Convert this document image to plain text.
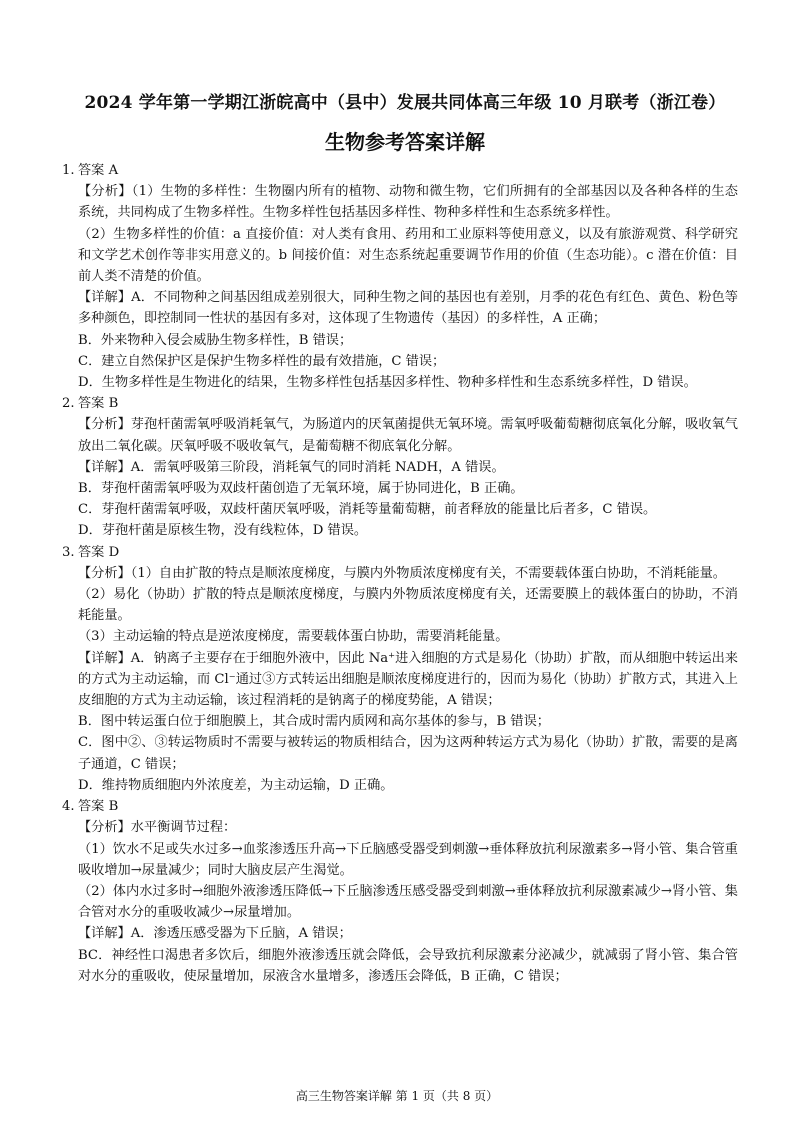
2024 学年第一学期江浙皖高中（县中）发展共同体高三年级 10 月联考（浙江卷）
生物参考答案详解
1. 答案 A

【分析】（1）生物的多样性：生物圈内所有的植物、动物和微生物，它们所拥有的全部基因以及各种各样的生态系统，共同构成了生物多样性。生物多样性包括基因多样性、物种多样性和生态系统多样性。

（2）生物多样性的价值：a 直接价值：对人类有食用、药用和工业原料等使用意义，以及有旅游观赏、科学研究和文学艺术创作等非实用意义的。b 间接价值：对生态系统起重要调节作用的价值（生态功能）。c 潜在价值：目前人类不清楚的价值。

【详解】A．不同物种之间基因组成差别很大，同种生物之间的基因也有差别，月季的花色有红色、黄色、粉色等多种颜色，即控制同一性状的基因有多对，这体现了生物遗传（基因）的多样性，A 正确；

B．外来物种入侵会威胁生物多样性，B 错误；

C．建立自然保护区是保护生物多样性的最有效措施，C 错误；

D．生物多样性是生物进化的结果，生物多样性包括基因多样性、物种多样性和生态系统多样性，D 错误。

2. 答案 B

【分析】芽孢杆菌需氧呼吸消耗氧气，为肠道内的厌氧菌提供无氧环境。需氧呼吸葡萄糖彻底氧化分解，吸收氧气放出二氧化碳。厌氧呼吸不吸收氧气，是葡萄糖不彻底氧化分解。

【详解】A．需氧呼吸第三阶段，消耗氧气的同时消耗 NADH，A 错误。

B．芽孢杆菌需氧呼吸为双歧杆菌创造了无氧环境，属于协同进化，B 正确。

C．芽孢杆菌需氧呼吸，双歧杆菌厌氧呼吸，消耗等量葡萄糖，前者释放的能量比后者多，C 错误。

D．芽孢杆菌是原核生物，没有线粒体，D 错误。

3. 答案 D

【分析】（1）自由扩散的特点是顺浓度梯度，与膜内外物质浓度梯度有关，不需要载体蛋白协助，不消耗能量。

（2）易化（协助）扩散的特点是顺浓度梯度，与膜内外物质浓度梯度有关，还需要膜上的载体蛋白的协助，不消耗能量。

（3）主动运输的特点是逆浓度梯度，需要载体蛋白协助，需要消耗能量。

【详解】A．钠离子主要存在于细胞外液中，因此 Na⁺进入细胞的方式是易化（协助）扩散，而从细胞中转运出来的方式为主动运输，而 Cl⁻通过③方式转运出细胞是顺浓度梯度进行的，因而为易化（协助）扩散方式，其进入上皮细胞的方式为主动运输，该过程消耗的是钠离子的梯度势能，A 错误；

B．图中转运蛋白位于细胞膜上，其合成时需内质网和高尔基体的参与，B 错误；

C．图中②、③转运物质时不需要与被转运的物质相结合，因为这两种转运方式为易化（协助）扩散，需要的是离子通道，C 错误；

D．维持物质细胞内外浓度差，为主动运输，D 正确。

4. 答案 B

【分析】水平衡调节过程：

（1）饮水不足或失水过多→血浆渗透压升高→下丘脑感受器受到刺激→垂体释放抗利尿激素多→肾小管、集合管重吸收增加→尿量减少；同时大脑皮层产生渴觉。

（2）体内水过多时→细胞外液渗透压降低→下丘脑渗透压感受器受到刺激→垂体释放抗利尿激素减少→肾小管、集合管对水分的重吸收减少→尿量增加。

【详解】A．渗透压感受器为下丘脑，A 错误；

BC．神经性口渴患者多饮后，细胞外液渗透压就会降低，会导致抗利尿激素分泌减少，就减弱了肾小管、集合管对水分的重吸收，使尿量增加，尿液含水量增多，渗透压会降低，B 正确，C 错误；

高三生物答案详解 第 1 页（共 8 页）
